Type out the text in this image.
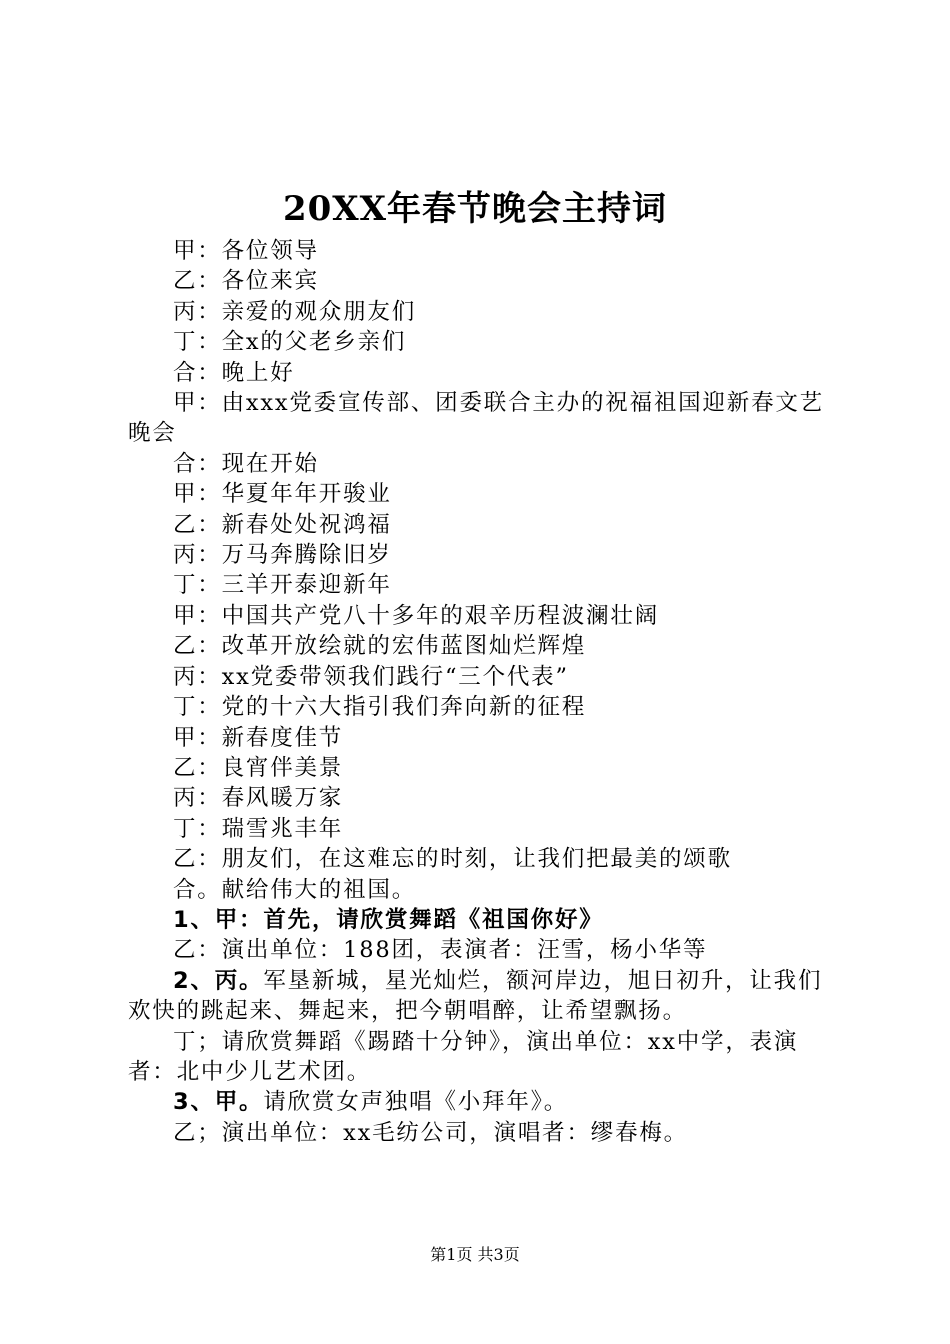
20XX年春节晚会主持词

甲：各位领导

乙：各位来宾

丙：亲爱的观众朋友们

丁：全x的父老乡亲们

合：晚上好

甲：由xxx党委宣传部、团委联合主办的祝福祖国迎新春文艺晚会

合：现在开始

甲：华夏年年开骏业

乙：新春处处祝鸿福

丙：万马奔腾除旧岁

丁：三羊开泰迎新年

甲：中国共产党八十多年的艰辛历程波澜壮阔

乙：改革开放绘就的宏伟蓝图灿烂辉煌

丙：xx党委带领我们践行“三个代表”

丁：党的十六大指引我们奔向新的征程

甲：新春度佳节

乙：良宵伴美景

丙：春风暖万家

丁：瑞雪兆丰年

乙：朋友们，在这难忘的时刻，让我们把最美的颂歌

合。献给伟大的祖国。

1、甲：首先，请欣赏舞蹈《祖国你好》

乙：演出单位：188团，表演者：汪雪，杨小华等

2、丙。军垦新城，星光灿烂，额河岸边，旭日初升，让我们欢快的跳起来、舞起来，把今朝唱醉，让希望飘扬。

丁；请欣赏舞蹈《踢踏十分钟》，演出单位：xx中学，表演者：北中少儿艺术团。

3、甲。请欣赏女声独唱《小拜年》。

乙；演出单位：xx毛纺公司，演唱者：缪春梅。

第1页 共3页
